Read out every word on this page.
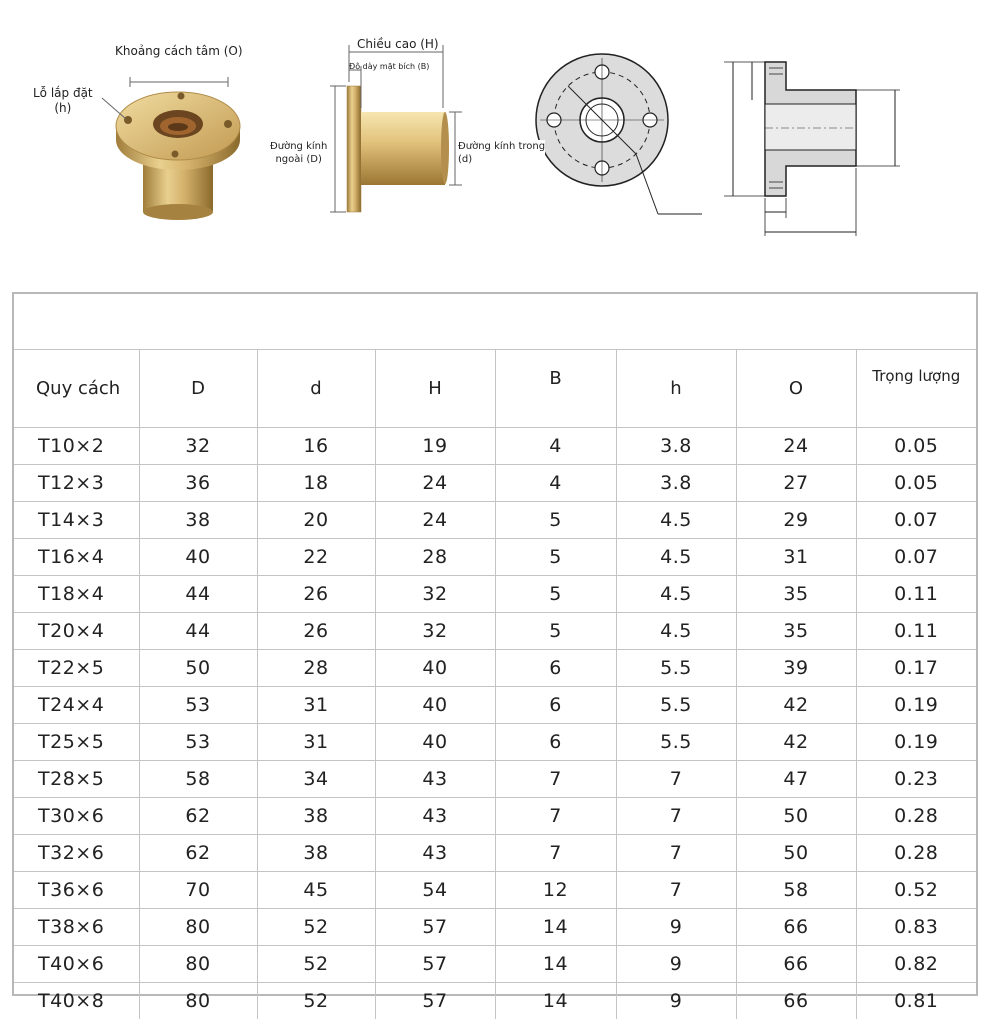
Khoảng cách tâm (O)
Lỗ lắp đặt
(h)
Chiều cao (H)
Độ dày mặt bích (B)
Đường kính
ngoài (D)
Đường kính trong
(d)
Quy cách	D	d	H	B	h	O	Trọng lượng
T10×2	32	16	19	4	3.8	24	0.05
T12×3	36	18	24	4	3.8	27	0.05
T14×3	38	20	24	5	4.5	29	0.07
T16×4	40	22	28	5	4.5	31	0.07
T18×4	44	26	32	5	4.5	35	0.11
T20×4	44	26	32	5	4.5	35	0.11
T22×5	50	28	40	6	5.5	39	0.17
T24×4	53	31	40	6	5.5	42	0.19
T25×5	53	31	40	6	5.5	42	0.19
T28×5	58	34	43	7	7	47	0.23
T30×6	62	38	43	7	7	50	0.28
T32×6	62	38	43	7	7	50	0.28
T36×6	70	45	54	12	7	58	0.52
T38×6	80	52	57	14	9	66	0.83
T40×6	80	52	57	14	9	66	0.82
T40×8	80	52	57	14	9	66	0.81
